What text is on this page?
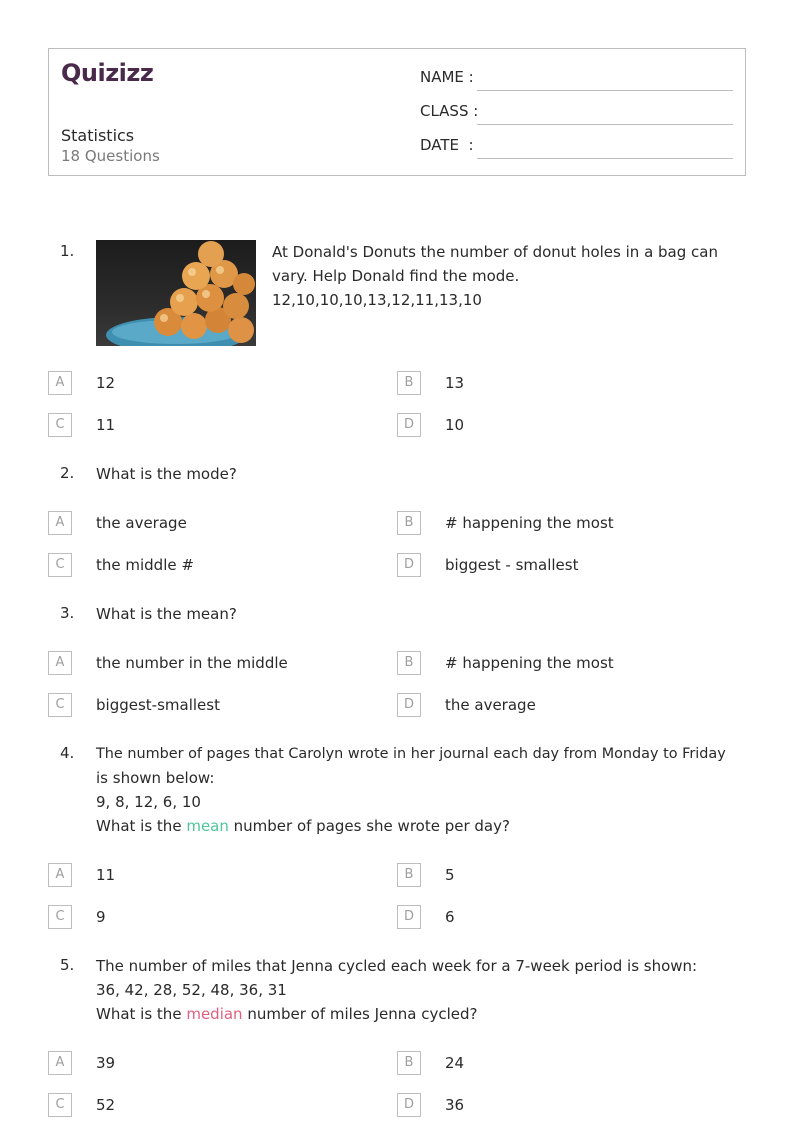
Quizizz
Statistics
18 Questions
NAME :
CLASS :
DATE  :
1.	At Donald's Donuts the number of donut holes in a bag can
vary. Help Donald find the mode.
12,10,10,10,13,12,11,13,10
A	12	B	13
C	11	D	10
2. What is the mode?
A	the average	B	# happening the most
C	the middle #	D	biggest - smallest
3. What is the mean?
A	the number in the middle	B	# happening the most
C	biggest-smallest	D	the average
4. The number of pages that Carolyn wrote in her journal each day from Monday to Friday
is shown below:
9, 8, 12, 6, 10
What is the mean number of pages she wrote per day?
A	11	B	5
C	9	D	6
5. The number of miles that Jenna cycled each week for a 7-week period is shown:
36, 42, 28, 52, 48, 36, 31
What is the median number of miles Jenna cycled?
A	39	B	24
C	52	D	36
